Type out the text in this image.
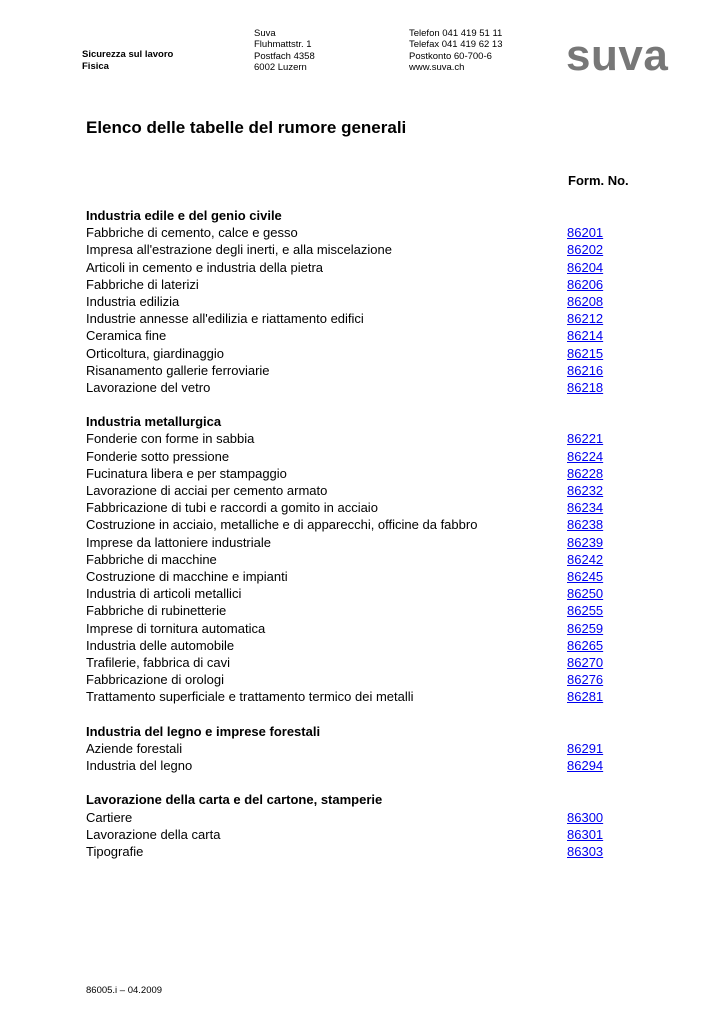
Sicurezza sul lavoro
Fisica
Suva
Fluhmattstr. 1
Postfach 4358
6002 Luzern
Telefon 041 419 51 11
Telefax 041 419 62 13
Postkonto 60-700-6
www.suva.ch	suva
Elenco delle tabelle del rumore generali
Form. No.
Industria edile e del genio civile
Fabbriche di cemento, calce e gesso	86201
Impresa all'estrazione degli inerti, e alla miscelazione	86202
Articoli in cemento e industria della pietra	86204
Fabbriche di laterizi	86206
Industria edilizia	86208
Industrie annesse all'edilizia e riattamento edifici	86212
Ceramica fine	86214
Orticoltura, giardinaggio	86215
Risanamento gallerie ferroviarie	86216
Lavorazione del vetro	86218
Industria metallurgica
Fonderie con forme in sabbia	86221
Fonderie sotto pressione	86224
Fucinatura libera e per stampaggio	86228
Lavorazione di acciai per cemento armato	86232
Fabbricazione di tubi e raccordi a gomito in acciaio	86234
Costruzione in acciaio, metalliche e di apparecchi, officine da fabbro	86238
Imprese da lattoniere industriale	86239
Fabbriche di macchine	86242
Costruzione di macchine e impianti	86245
Industria di articoli metallici	86250
Fabbriche di rubinetterie	86255
Imprese di tornitura automatica	86259
Industria delle automobile	86265
Trafilerie, fabbrica di cavi	86270
Fabbricazione di orologi	86276
Trattamento superficiale e trattamento termico dei metalli	86281
Industria del legno e imprese forestali
Aziende forestali	86291
Industria del legno	86294
Lavorazione della carta e del cartone, stamperie
Cartiere	86300
Lavorazione della carta	86301
Tipografie	86303
86005.i – 04.2009
